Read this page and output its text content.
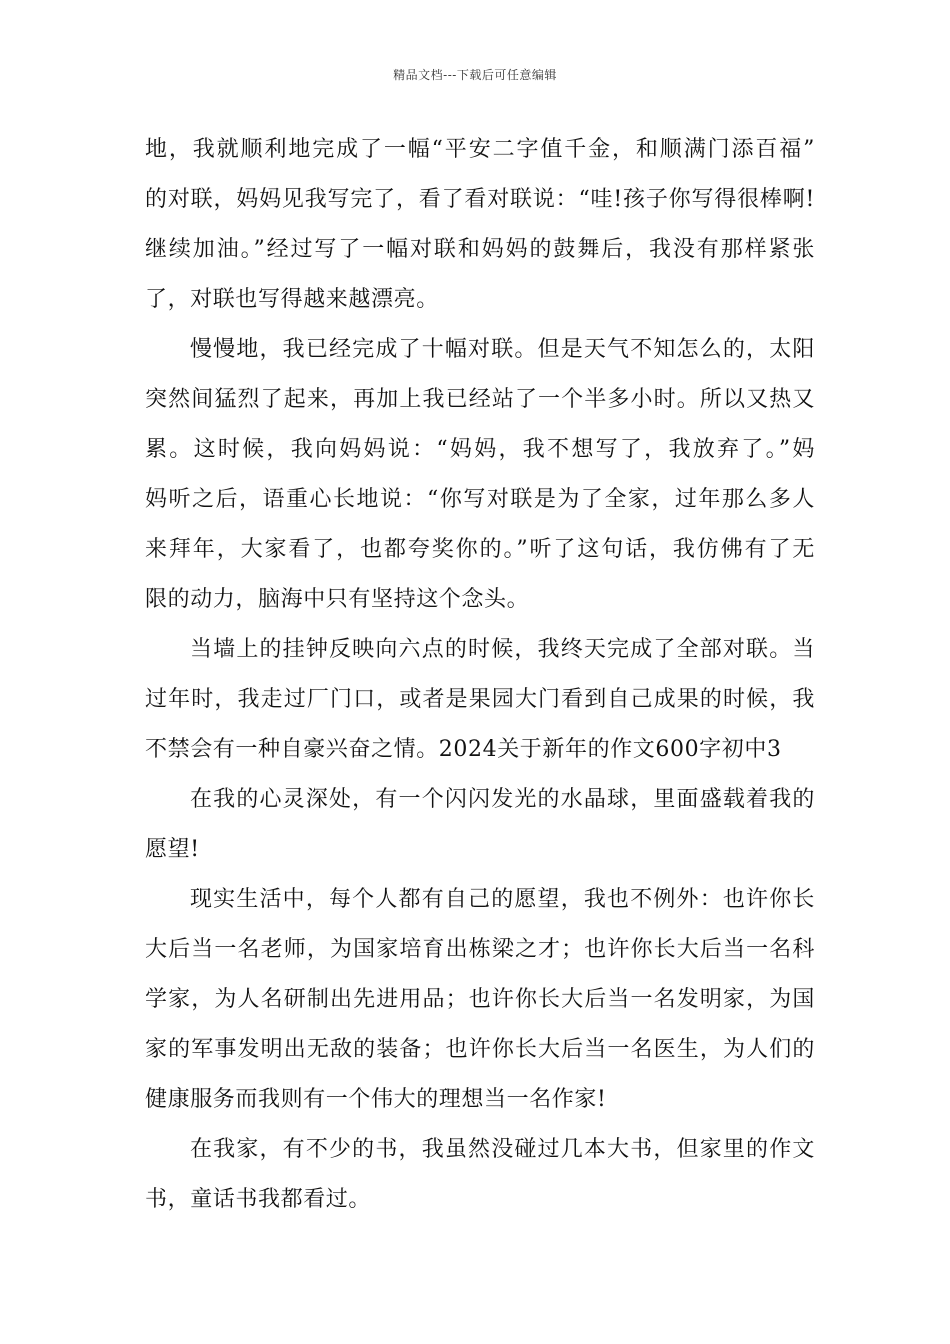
精品文档---下载后可任意编辑
地，我就顺利地完成了一幅“平安二字值千金，和顺满门添百福”
的对联，妈妈见我写完了，看了看对联说：“哇!孩子你写得很棒啊!
继续加油。”经过写了一幅对联和妈妈的鼓舞后，我没有那样紧张
了，对联也写得越来越漂亮。
慢慢地，我已经完成了十幅对联。但是天气不知怎么的，太阳
突然间猛烈了起来，再加上我已经站了一个半多小时。所以又热又
累。这时候，我向妈妈说：“妈妈，我不想写了，我放弃了。”妈
妈听之后，语重心长地说：“你写对联是为了全家，过年那么多人
来拜年，大家看了，也都夸奖你的。”听了这句话，我仿佛有了无
限的动力，脑海中只有坚持这个念头。
当墙上的挂钟反映向六点的时候，我终天完成了全部对联。当
过年时，我走过厂门口，或者是果园大门看到自己成果的时候，我
不禁会有一种自豪兴奋之情。2024关于新年的作文600字初中3
在我的心灵深处，有一个闪闪发光的水晶球，里面盛载着我的
愿望!
现实生活中，每个人都有自己的愿望，我也不例外：也许你长
大后当一名老师，为国家培育出栋梁之才；也许你长大后当一名科
学家，为人名研制出先进用品；也许你长大后当一名发明家，为国
家的军事发明出无敌的装备；也许你长大后当一名医生，为人们的
健康服务而我则有一个伟大的理想当一名作家!
在我家，有不少的书，我虽然没碰过几本大书，但家里的作文
书，童话书我都看过。
